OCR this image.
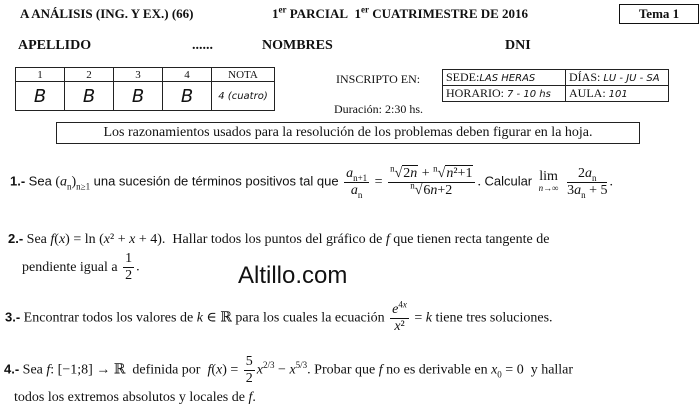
A ANÁLISIS (ING. Y EX.) (66)	1er PARCIAL  1er CUATRIMESTRE DE 2016	Tema 1
APELLIDO	......	NOMBRES	DNI
1	2	3	4	NOTA
B	B	B	B	4 (cuatro)
INSCRIPTO EN:
Duración: 2:30 hs.
SEDE:LAS HERAS	DÍAS: LU - JU - SA
HORARIO: 7 - 10 hs	AULA: 101
Los razonamientos usados para la resolución de los problemas deben figurar en la hoja.
1.- Sea $(a_n)_{n\ge 1}$ una sucesión de términos positivos tal que $\frac{a_{n+1}}{a_n} = \frac{^n√2n + ^n√n^2+1}{^n√6n+2}$ . Calcular lim
$n\to\infty \frac{2a_n}{3a_n + 5}$ .
2.- Sea f(x) = ln (x² + x + 4).  Hallar todos los puntos del gráfico de f que tienen recta tangente de
pendiente igual a $\frac{1}{2}$ .	Altillo.com
3.- Encontrar todos los valores de k ∈ ℝ para los cuales la ecuación $\frac{e^{4x}}{\text{x²}} = k$ tiene tres soluciones.
4.- Sea f: [−1;8] → ℝ  definida por  $f(x) = \frac{5}{2} x^{2/3} - x^{5/3}$. Probar que f no es derivable en $x_0 = 0$  y hallar
todos los extremos absolutos y locales de f.
